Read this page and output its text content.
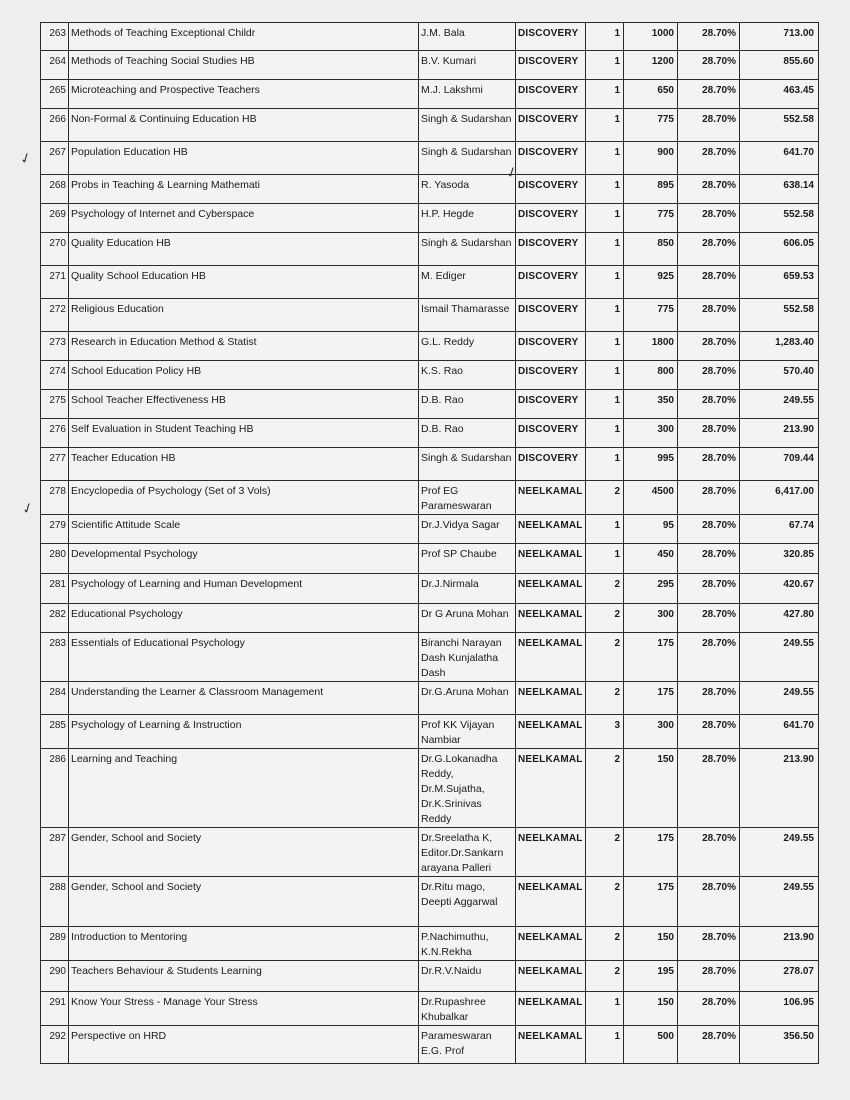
263	Methods of Teaching Exceptional Childr	J.M. Bala	DISCOVERY	1	1000	28.70%	713.00
264	Methods of Teaching Social Studies HB	B.V. Kumari	DISCOVERY	1	1200	28.70%	855.60
265	Microteaching and Prospective Teachers	M.J. Lakshmi	DISCOVERY	1	650	28.70%	463.45
266	Non-Formal & Continuing Education HB	Singh & Sudarshan	DISCOVERY	1	775	28.70%	552.58
267	Population Education HB	Singh & Sudarshan	DISCOVERY	1	900	28.70%	641.70
268	Probs in Teaching & Learning Mathemati	R. Yasoda	DISCOVERY	1	895	28.70%	638.14
269	Psychology of Internet and Cyberspace	H.P. Hegde	DISCOVERY	1	775	28.70%	552.58
270	Quality Education HB	Singh & Sudarshan	DISCOVERY	1	850	28.70%	606.05
271	Quality School Education HB	M. Ediger	DISCOVERY	1	925	28.70%	659.53
272	Religious Education	Ismail Thamarasse	DISCOVERY	1	775	28.70%	552.58
273	Research in Education Method & Statist	G.L. Reddy	DISCOVERY	1	1800	28.70%	1,283.40
274	School Education Policy HB	K.S. Rao	DISCOVERY	1	800	28.70%	570.40
275	School Teacher Effectiveness HB	D.B. Rao	DISCOVERY	1	350	28.70%	249.55
276	Self Evaluation in Student Teaching HB	D.B. Rao	DISCOVERY	1	300	28.70%	213.90
277	Teacher Education HB	Singh & Sudarshan	DISCOVERY	1	995	28.70%	709.44
278	Encyclopedia of Psychology (Set of 3 Vols)	Prof EG Parameswaran	NEELKAMAL	2	4500	28.70%	6,417.00
279	Scientific Attitude Scale	Dr.J.Vidya Sagar	NEELKAMAL	1	95	28.70%	67.74
280	Developmental Psychology	Prof SP Chaube	NEELKAMAL	1	450	28.70%	320.85
281	Psychology of Learning and Human Development	Dr.J.Nirmala	NEELKAMAL	2	295	28.70%	420.67
282	Educational Psychology	Dr G Aruna Mohan	NEELKAMAL	2	300	28.70%	427.80
283	Essentials of Educational Psychology	Biranchi Narayan Dash Kunjalatha Dash	NEELKAMAL	2	175	28.70%	249.55
284	Understanding the Learner & Classroom Management	Dr.G.Aruna Mohan	NEELKAMAL	2	175	28.70%	249.55
285	Psychology of Learning & Instruction	Prof KK Vijayan Nambiar	NEELKAMAL	3	300	28.70%	641.70
286	Learning and Teaching	Dr.G.Lokanadha Reddy, Dr.M.Sujatha, Dr.K.Srinivas Reddy	NEELKAMAL	2	150	28.70%	213.90
287	Gender, School and Society	Dr.Sreelatha K, Editor.Dr.Sankarn arayana Palleri	NEELKAMAL	2	175	28.70%	249.55
288	Gender, School and Society	Dr.Ritu mago, Deepti Aggarwal	NEELKAMAL	2	175	28.70%	249.55
289	Introduction to Mentoring	P.Nachimuthu, K.N.Rekha	NEELKAMAL	2	150	28.70%	213.90
290	Teachers Behaviour & Students Learning	Dr.R.V.Naidu	NEELKAMAL	2	195	28.70%	278.07
291	Know Your Stress - Manage Your Stress	Dr.Rupashree Khubalkar	NEELKAMAL	1	150	28.70%	106.95
292	Perspective on HRD	Parameswaran E.G. Prof	NEELKAMAL	1	500	28.70%	356.50
✓
✓
✓
